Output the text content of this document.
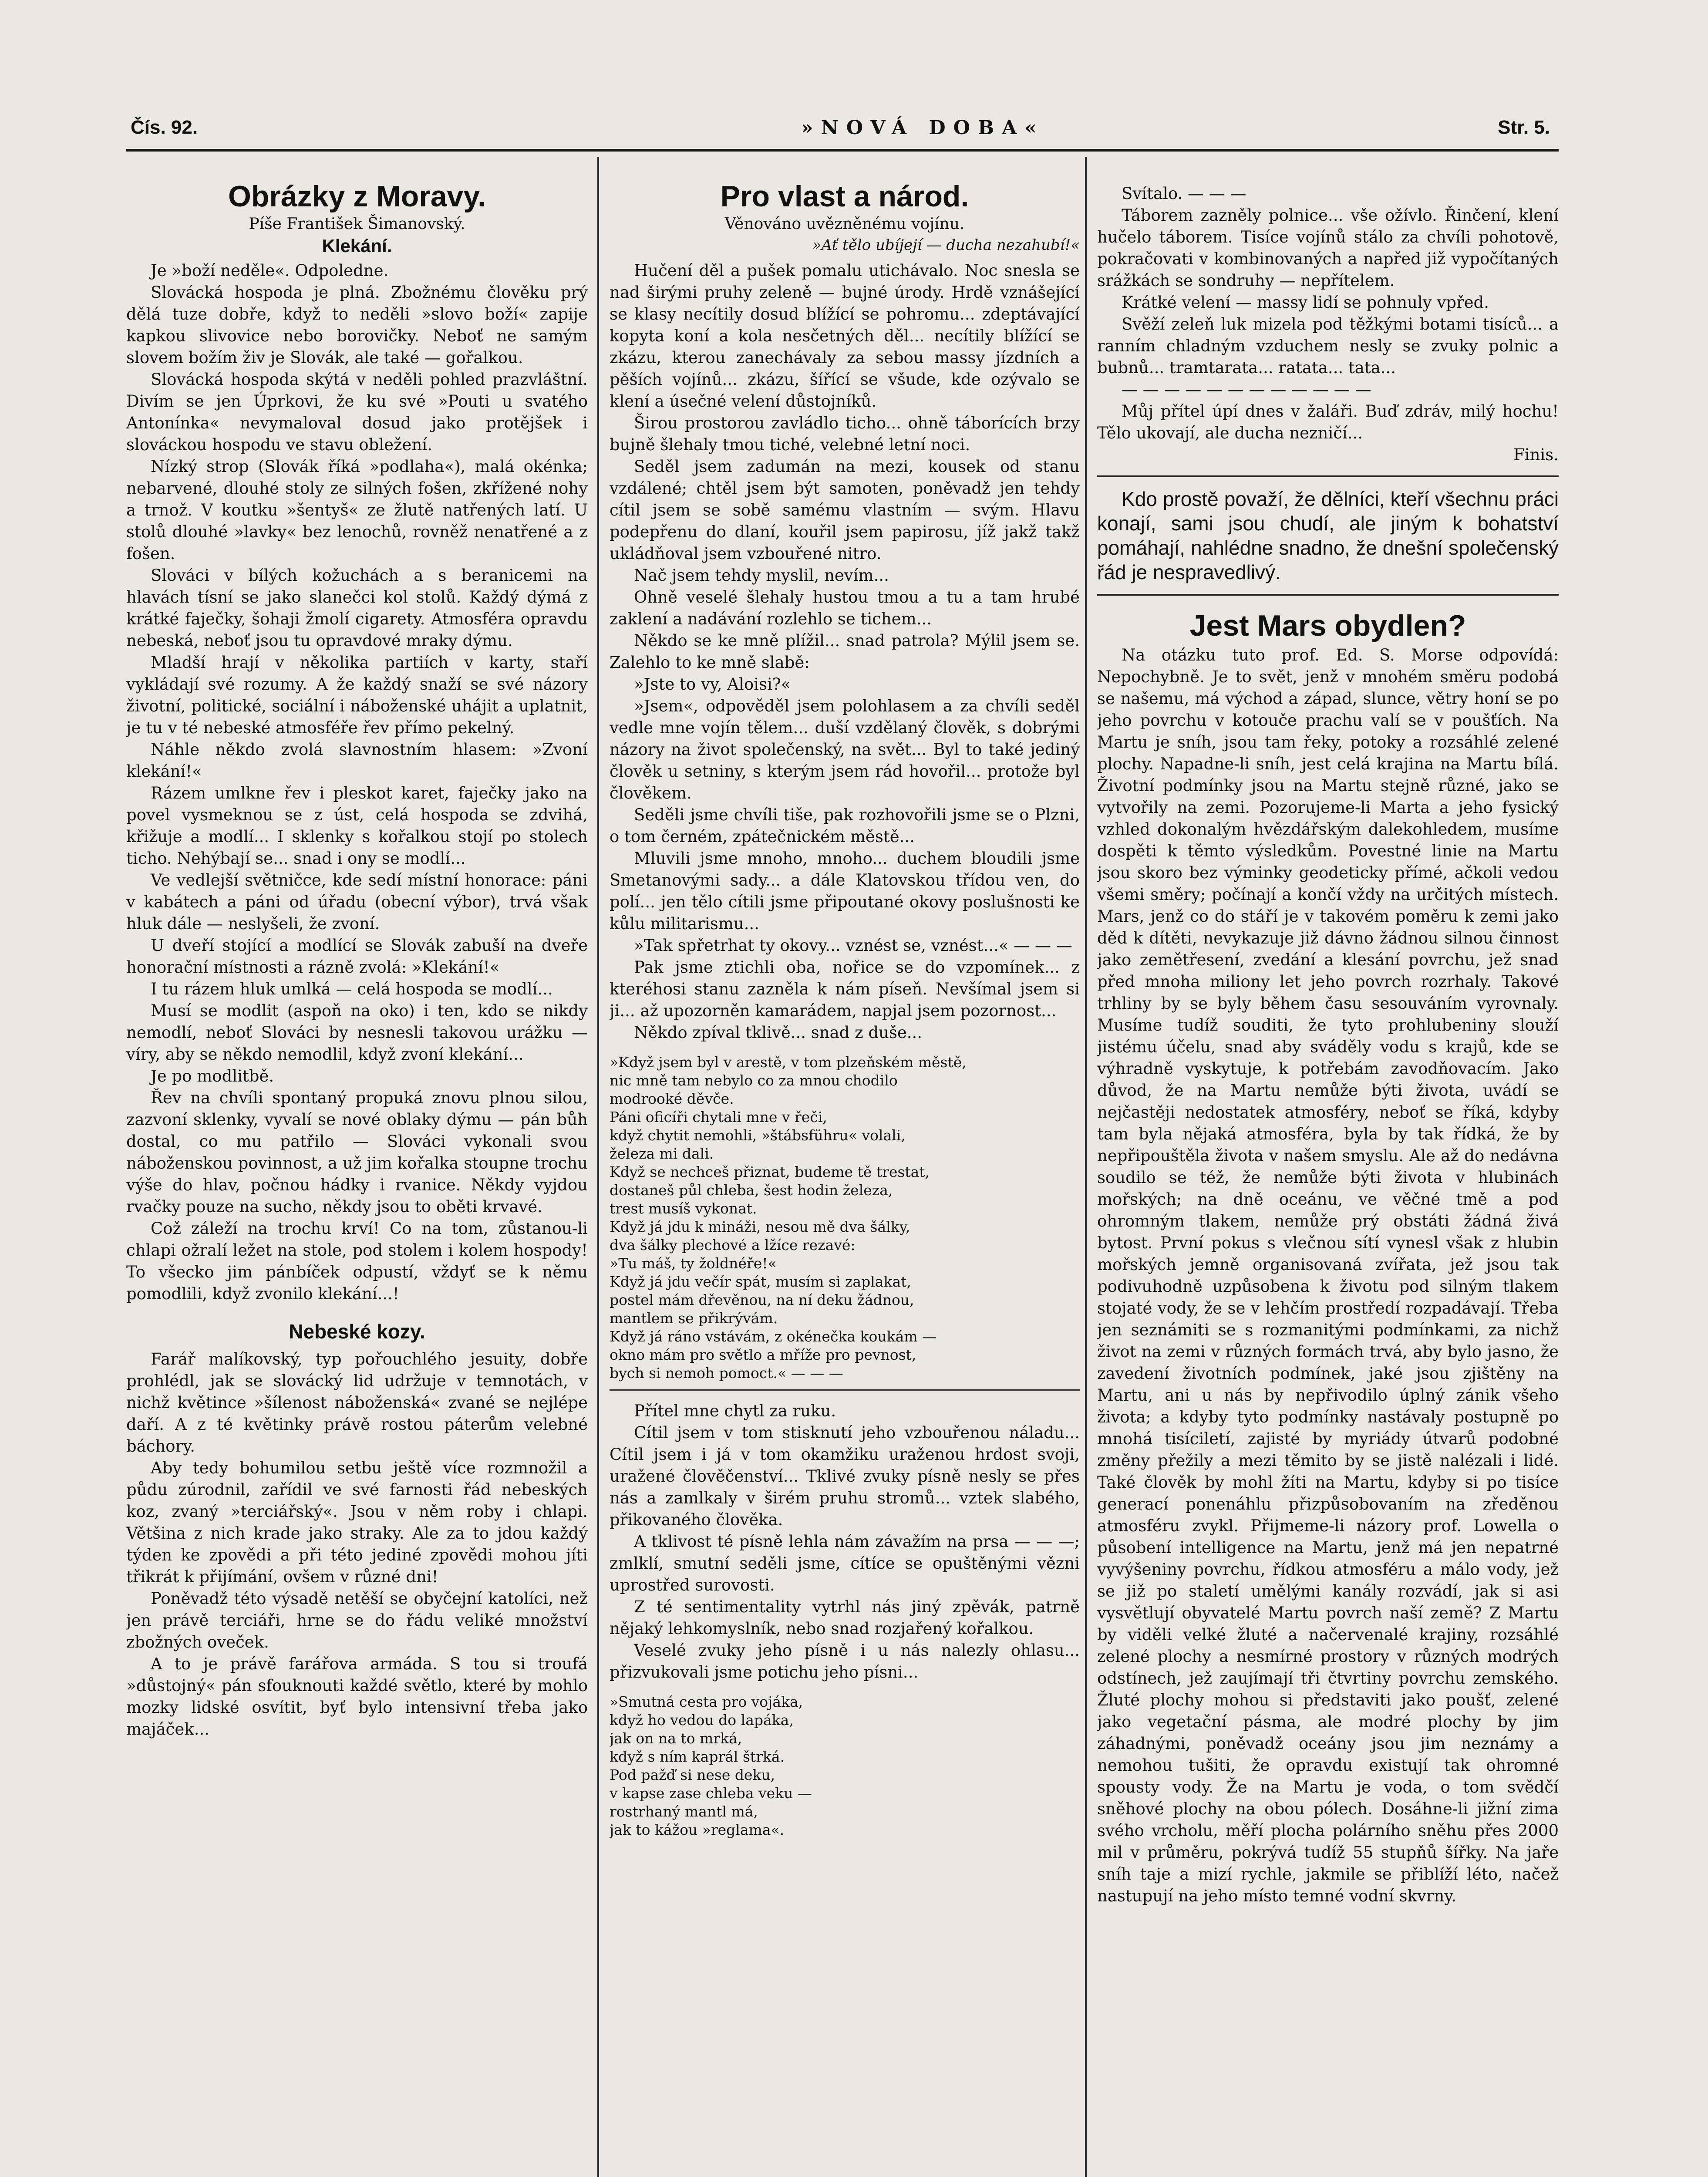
Čís. 92.	»NOVÁ DOBA«	Str. 5.
Obrázky z Moravy.
Píše František Šimanovský.
Klekání.

Je »boží neděle«. Odpoledne.

Slovácká hospoda je plná. Zbožnému člověku prý dělá tuze dobře, když to neděli »slovo boží« zapije kapkou slivovice nebo borovičky. Neboť ne samým slovem božím živ je Slovák, ale také — gořalkou.

Slovácká hospoda skýtá v neděli pohled prazvláštní. Divím se jen Úprkovi, že ku své »Pouti u svatého Antonínka« nevymaloval dosud jako protějšek i slováckou hospodu ve stavu obležení.

Nízký strop (Slovák říká »podlaha«), malá okénka; nebarvené, dlouhé stoly ze silných fošen, zkřížené nohy a trnož. V koutku »šentyš« ze žlutě natřených latí. U stolů dlouhé »lavky« bez lenochů, rovněž nenatřené a z fošen.

Slováci v bílých kožuchách a s beranicemi na hlavách tísní se jako slanečci kol stolů. Každý dýmá z krátké faječky, šohaji žmolí cigarety. Atmosféra opravdu nebeská, neboť jsou tu opravdové mraky dýmu.

Mladší hrají v několika partiích v karty, staří vykládají své rozumy. A že každý snaží se své názory životní, politické, sociální i náboženské uhájit a uplatnit, je tu v té nebeské atmosféře řev přímo pekelný.

Náhle někdo zvolá slavnostním hlasem: »Zvoní klekání!«

Rázem umlkne řev i pleskot karet, faječky jako na povel vysmeknou se z úst, celá hospoda se zdvihá, křižuje a modlí... I sklenky s kořalkou stojí po stolech ticho. Nehýbají se... snad i ony se modlí...

Ve vedlejší světničce, kde sedí místní honorace: páni v kabátech a páni od úřadu (obecní výbor), trvá však hluk dále — neslyšeli, že zvoní.

U dveří stojící a modlící se Slovák zabuší na dveře honorační místnosti a rázně zvolá: »Klekání!«

I tu rázem hluk umlká — celá hospoda se modlí...

Musí se modlit (aspoň na oko) i ten, kdo se nikdy nemodlí, neboť Slováci by nesnesli takovou urážku — víry, aby se někdo nemodlil, když zvoní klekání...

Je po modlitbě.

Řev na chvíli spontaný propuká znovu plnou silou, zazvoní sklenky, vyvalí se nové oblaky dýmu — pán bůh dostal, co mu patřilo — Slováci vykonali svou náboženskou povinnost, a už jim kořalka stoupne trochu výše do hlav, počnou hádky i rvanice. Někdy vyjdou rvačky pouze na sucho, někdy jsou to oběti krvavé.

Což záleží na trochu krví! Co na tom, zůstanou-li chlapi ožralí ležet na stole, pod stolem i kolem hospody! To všecko jim pánbíček odpustí, vždyť se k němu pomodlili, když zvonilo klekání...!

Nebeské kozy.

Farář malíkovský, typ pořouchlého jesuity, dobře prohlédl, jak se slovácký lid udržuje v temnotách, v nichž květince »šílenost náboženská« zvané se nejlépe daří. A z té květinky právě rostou páterům velebné báchory.

Aby tedy bohumilou setbu ještě více rozmnožil a půdu zúrodnil, zařídil ve své farnosti řád nebeských koz, zvaný »terciářský«. Jsou v něm roby i chlapi. Většina z nich krade jako straky. Ale za to jdou každý týden ke zpovědi a při této jediné zpovědi mohou jíti třikrát k přijímání, ovšem v různé dni!

Poněvadž této výsadě netěší se obyčejní katolíci, než jen právě terciáři, hrne se do řádu veliké množství zbožných oveček.

A to je právě farářova armáda. S tou si troufá »důstojný« pán sfouknouti každé světlo, které by mohlo mozky lidské osvítit, byť bylo intensivní třeba jako majáček...

Pro vlast a národ.
Věnováno uvězněnému vojínu.
»Ať tělo ubíjejí — ducha nezahubí!«

Hučení děl a pušek pomalu utichávalo. Noc snesla se nad širými pruhy zeleně — bujné úrody. Hrdě vznášející se klasy necítily dosud blížící se pohromu... zdeptávající kopyta koní a kola nesčetných děl... necítily blížící se zkázu, kterou zanechávaly za sebou massy jízdních a pěších vojínů... zkázu, šířící se všude, kde ozývalo se klení a úsečné velení důstojníků.

Širou prostorou zavládlo ticho... ohně táborících brzy bujně šlehaly tmou tiché, velebné letní noci.

Seděl jsem zadumán na mezi, kousek od stanu vzdálené; chtěl jsem být samoten, poněvadž jen tehdy cítil jsem se sobě samému vlastním — svým. Hlavu podepřenu do dlaní, kouřil jsem papirosu, jíž jakž takž ukládňoval jsem vzbouřené nitro.

Nač jsem tehdy myslil, nevím...

Ohně veselé šlehaly hustou tmou a tu a tam hrubé zaklení a nadávání rozlehlo se tichem...

Někdo se ke mně plížil... snad patrola? Mýlil jsem se. Zalehlo to ke mně slabě:

»Jste to vy, Aloisi?«

»Jsem«, odpověděl jsem polohlasem a za chvíli seděl vedle mne vojín tělem... duší vzdělaný člověk, s dobrými názory na život společenský, na svět... Byl to také jediný člověk u setniny, s kterým jsem rád hovořil... protože byl člověkem.

Seděli jsme chvíli tiše, pak rozhovořili jsme se o Plzni, o tom černém, zpátečnickém městě...

Mluvili jsme mnoho, mnoho... duchem bloudili jsme Smetanovými sady... a dále Klatovskou třídou ven, do polí... jen tělo cítili jsme připoutané okovy poslušnosti ke kůlu militarismu...

»Tak spřetrhat ty okovy... vznést se, vznést...« — — —

Pak jsme ztichli oba, nořice se do vzpomínek... z kteréhosi stanu zazněla k nám píseň. Nevšímal jsem si ji... až upozorněn kamarádem, napjal jsem pozornost...

Někdo zpíval tklivě... snad z duše...

»Když jsem byl v arestě, v tom plzeňském městě,

nic mně tam nebylo co za mnou chodilo

modrooké děvče.

Páni oficíři chytali mne v řeči,

když chytit nemohli, »štábsführu« volali,

železa mi dali.

Když se nechceš přiznat, budeme tě trestat,

dostaneš půl chleba, šest hodin železa,

trest musíš vykonat.

Když já jdu k mináži, nesou mě dva šálky,

dva šálky plechové a lžíce rezavé:

»Tu máš, ty žoldnéře!«

Když já jdu večír spát, musím si zaplakat,

postel mám dřevěnou, na ní deku žádnou,

mantlem se přikrývám.

Když já ráno vstávám, z okénečka koukám —

okno mám pro světlo a mříže pro pevnost,

bych si nemoh pomoct.« — — —

Přítel mne chytl za ruku.

Cítil jsem v tom stisknutí jeho vzbouřenou náladu... Cítil jsem i já v tom okamžiku uraženou hrdost svoji, uražené člověčenství... Tklivé zvuky písně nesly se přes nás a zamlkaly v širém pruhu stromů... vztek slabého, přikovaného člověka.

A tklivost té písně lehla nám závažím na prsa — — —; zmlklí, smutní seděli jsme, cítíce se opuštěnými vězni uprostřed surovosti.

Z té sentimentality vytrhl nás jiný zpěvák, patrně nějaký lehkomyslník, nebo snad rozjařený kořalkou.

Veselé zvuky jeho písně i u nás nalezly ohlasu... přizvukovali jsme potichu jeho písni...

»Smutná cesta pro vojáka,

když ho vedou do lapáka,

jak on na to mrká,

když s ním kaprál štrká.

Pod pažď si nese deku,

v kapse zase chleba veku —

rostrhaný mantl má,

jak to kážou »reglama«.

Svítalo. — — —

Táborem zazněly polnice... vše ožívlo. Řinčení, klení hučelo táborem. Tisíce vojínů stálo za chvíli pohotově, pokračovati v kombinovaných a napřed již vypočítaných srážkách se sondruhy — nepřítelem.

Krátké velení — massy lidí se pohnuly vpřed.

Svěží zeleň luk mizela pod těžkými botami tisíců... a ranním chladným vzduchem nesly se zvuky polnic a bubnů... tramtarata... ratata... tata...

— — — — — — — — — — — —

Můj přítel úpí dnes v žaláři. Buď zdráv, milý hochu! Tělo ukovají, ale ducha nezničí...

Finis.

Kdo prostě považí, že dělníci, kteří všechnu práci konají, sami jsou chudí, ale jiným k bohatství pomáhají, nahlédne snadno, že dnešní společenský řád je nespravedlivý.

Jest Mars obydlen?

Na otázku tuto prof. Ed. S. Morse odpovídá: Nepochybně. Je to svět, jenž v mnohém směru podobá se našemu, má východ a západ, slunce, větry honí se po jeho povrchu v kotouče prachu valí se v poušťích. Na Martu je sníh, jsou tam řeky, potoky a rozsáhlé zelené plochy. Napadne-li sníh, jest celá krajina na Martu bílá. Životní podmínky jsou na Martu stejně různé, jako se vytvořily na zemi. Pozorujeme-li Marta a jeho fysický vzhled dokonalým hvězdářským dalekohledem, musíme dospěti k těmto výsledkům. Povestné linie na Martu jsou skoro bez výminky geodeticky přímé, ačkoli vedou všemi směry; počínají a končí vždy na určitých místech. Mars, jenž co do stáří je v takovém poměru k zemi jako děd k dítěti, nevykazuje již dávno žádnou silnou činnost jako zemětřesení, zvedání a klesání povrchu, jež snad před mnoha miliony let jeho povrch rozrhaly. Takové trhliny by se byly během času sesouváním vyrovnaly. Musíme tudíž souditi, že tyto prohlubeniny slouží jistému účelu, snad aby sváděly vodu s krajů, kde se výhradně vyskytuje, k potřebám zavodňovacím. Jako důvod, že na Martu nemůže býti života, uvádí se nejčastěji nedostatek atmosféry, neboť se říká, kdyby tam byla nějaká atmosféra, byla by tak řídká, že by nepřipouštěla života v našem smyslu. Ale až do nedávna soudilo se též, že nemůže býti života v hlubinách mořských; na dně oceánu, ve věčné tmě a pod ohromným tlakem, nemůže prý obstáti žádná živá bytost. První pokus s vlečnou sítí vynesl však z hlubin mořských jemně organisovaná zvířata, jež jsou tak podivuhodně uzpůsobena k životu pod silným tlakem stojaté vody, že se v lehčím prostředí rozpadávají. Třeba jen seznámiti se s rozmanitými podmínkami, za nichž život na zemi v různých formách trvá, aby bylo jasno, že zavedení životních podmínek, jaké jsou zjištěny na Martu, ani u nás by nepřivodilo úplný zánik všeho života; a kdyby tyto podmínky nastávaly postupně po mnohá tisíciletí, zajisté by myriády útvarů podobné změny přežily a mezi těmito by se jistě nalézali i lidé. Také člověk by mohl žíti na Martu, kdyby si po tisíce generací ponenáhlu přizpůsobovaním na zředěnou atmosféru zvykl. Přijmeme-li názory prof. Lowella o působení intelligence na Martu, jenž má jen nepatrné vyvýšeniny povrchu, řídkou atmosféru a málo vody, jež se již po staletí umělými kanály rozvádí, jak si asi vysvětlují obyvatelé Martu povrch naší země? Z Martu by viděli velké žluté a načervenalé krajiny, rozsáhlé zelené plochy a nesmírné prostory v různých modrých odstínech, jež zaujímají tři čtvrtiny povrchu zemského. Žluté plochy mohou si představiti jako poušť, zelené jako vegetační pásma, ale modré plochy by jim záhadnými, poněvadž oceány jsou jim neznámy a nemohou tušiti, že opravdu existují tak ohromné spousty vody. Že na Martu je voda, o tom svědčí sněhové plochy na obou pólech. Dosáhne-li jižní zima svého vrcholu, měří plocha polárního sněhu přes 2000 mil v průměru, pokrývá tudíž 55 stupňů šířky. Na jaře sníh taje a mizí rychle, jakmile se přiblíží léto, načež nastupují na jeho místo temné vodní skvrny.
